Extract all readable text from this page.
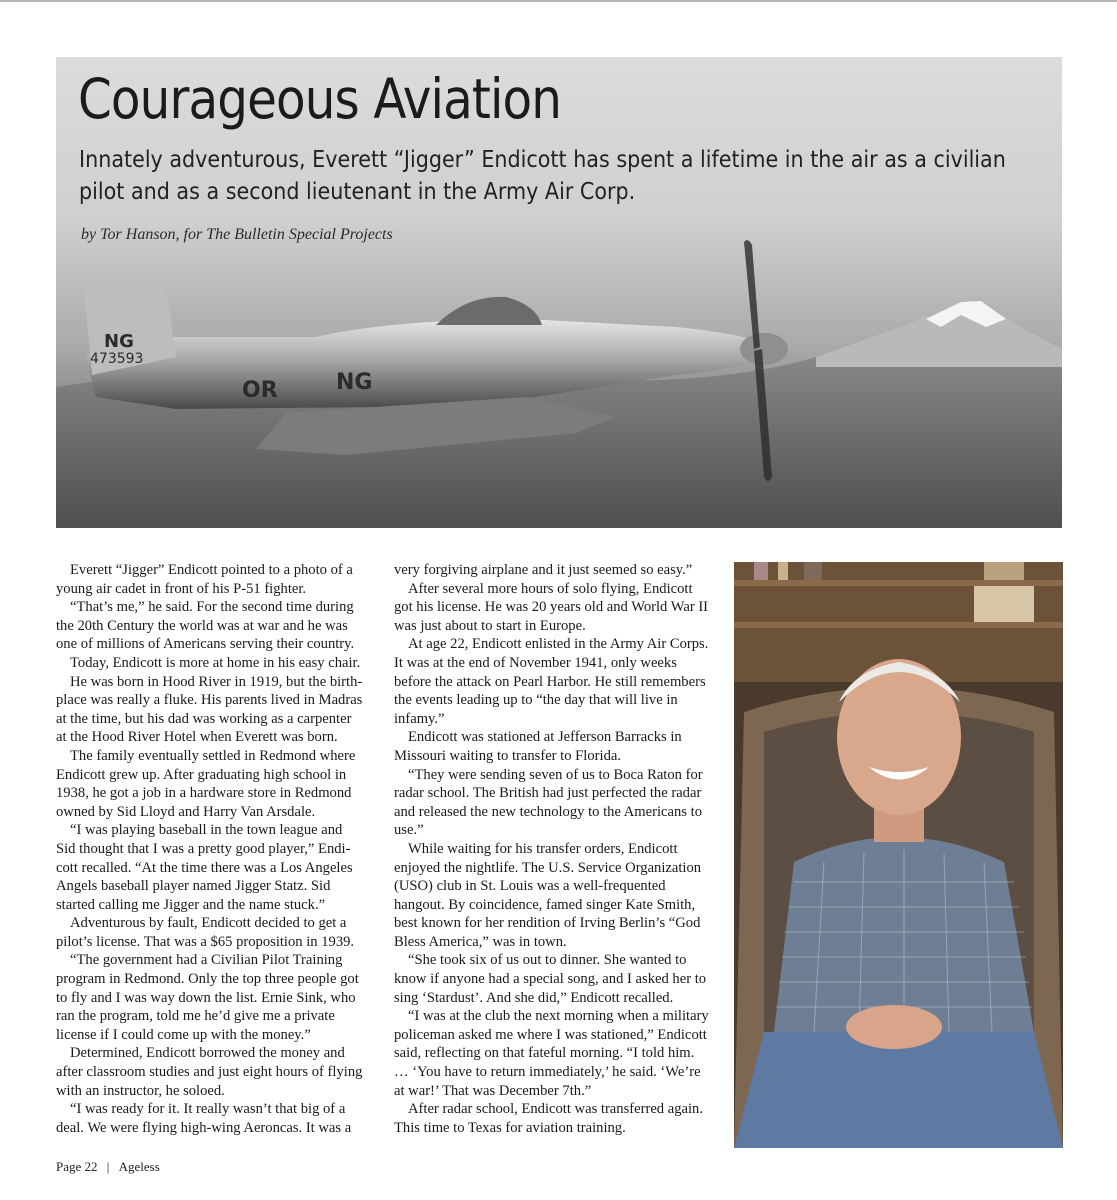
NG
473593
OR	NG
Courageous Aviation

Innately adventurous, Everett “Jigger” Endicott has spent a lifetime in the air as a civilian pilot and as a second lieutenant in the Army Air Corp.

by Tor Hanson, for The Bulletin Special Projects

Everett “Jigger” Endicott pointed to a photo of a young air cadet in front of his P-51 fighter.

“That’s me,” he said. For the second time during the 20th Century the world was at war and he was one of millions of Americans serving their country.

Today, Endicott is more at home in his easy chair.

He was born in Hood River in 1919, but the birthplace was really a fluke. His parents lived in Madras at the time, but his dad was working as a carpenter at the Hood River Hotel when Everett was born.

The family eventually settled in Redmond where Endicott grew up. After graduating high school in 1938, he got a job in a hardware store in Redmond owned by Sid Lloyd and Harry Van Arsdale.

“I was playing baseball in the town league and Sid thought that I was a pretty good player,” Endicott recalled. “At the time there was a Los Angeles Angels baseball player named Jigger Statz. Sid started calling me Jigger and the name stuck.”

Adventurous by fault, Endicott decided to get a pilot’s license. That was a $65 proposition in 1939.

“The government had a Civilian Pilot Training program in Redmond. Only the top three people got to fly and I was way down the list. Ernie Sink, who ran the program, told me he’d give me a private license if I could come up with the money.”

Determined, Endicott borrowed the money and after classroom studies and just eight hours of flying with an instructor, he soloed.

“I was ready for it. It really wasn’t that big of a deal. We were flying high-wing Aeroncas. It was a

very forgiving airplane and it just seemed so easy.”

After several more hours of solo flying, Endicott got his license. He was 20 years old and World War II was just about to start in Europe.

At age 22, Endicott enlisted in the Army Air Corps. It was at the end of November 1941, only weeks before the attack on Pearl Harbor. He still remembers the events leading up to “the day that will live in infamy.”

Endicott was stationed at Jefferson Barracks in Missouri waiting to transfer to Florida.

“They were sending seven of us to Boca Raton for radar school. The British had just perfected the radar and released the new technology to the Americans to use.”

While waiting for his transfer orders, Endicott enjoyed the nightlife. The U.S. Service Organization (USO) club in St. Louis was a well-frequented hangout. By coincidence, famed singer Kate Smith, best known for her rendition of Irving Berlin’s “God Bless America,” was in town.

“She took six of us out to dinner. She wanted to know if anyone had a special song, and I asked her to sing ‘Stardust’. And she did,” Endicott recalled.

“I was at the club the next morning when a military policeman asked me where I was stationed,” Endicott said, reflecting on that fateful morning. “I told him. … ‘You have to return immediately,’ he said. ‘We’re at war!’ That was December 7th.”

After radar school, Endicott was transferred again. This time to Texas for aviation training.

Page 22 | Ageless
